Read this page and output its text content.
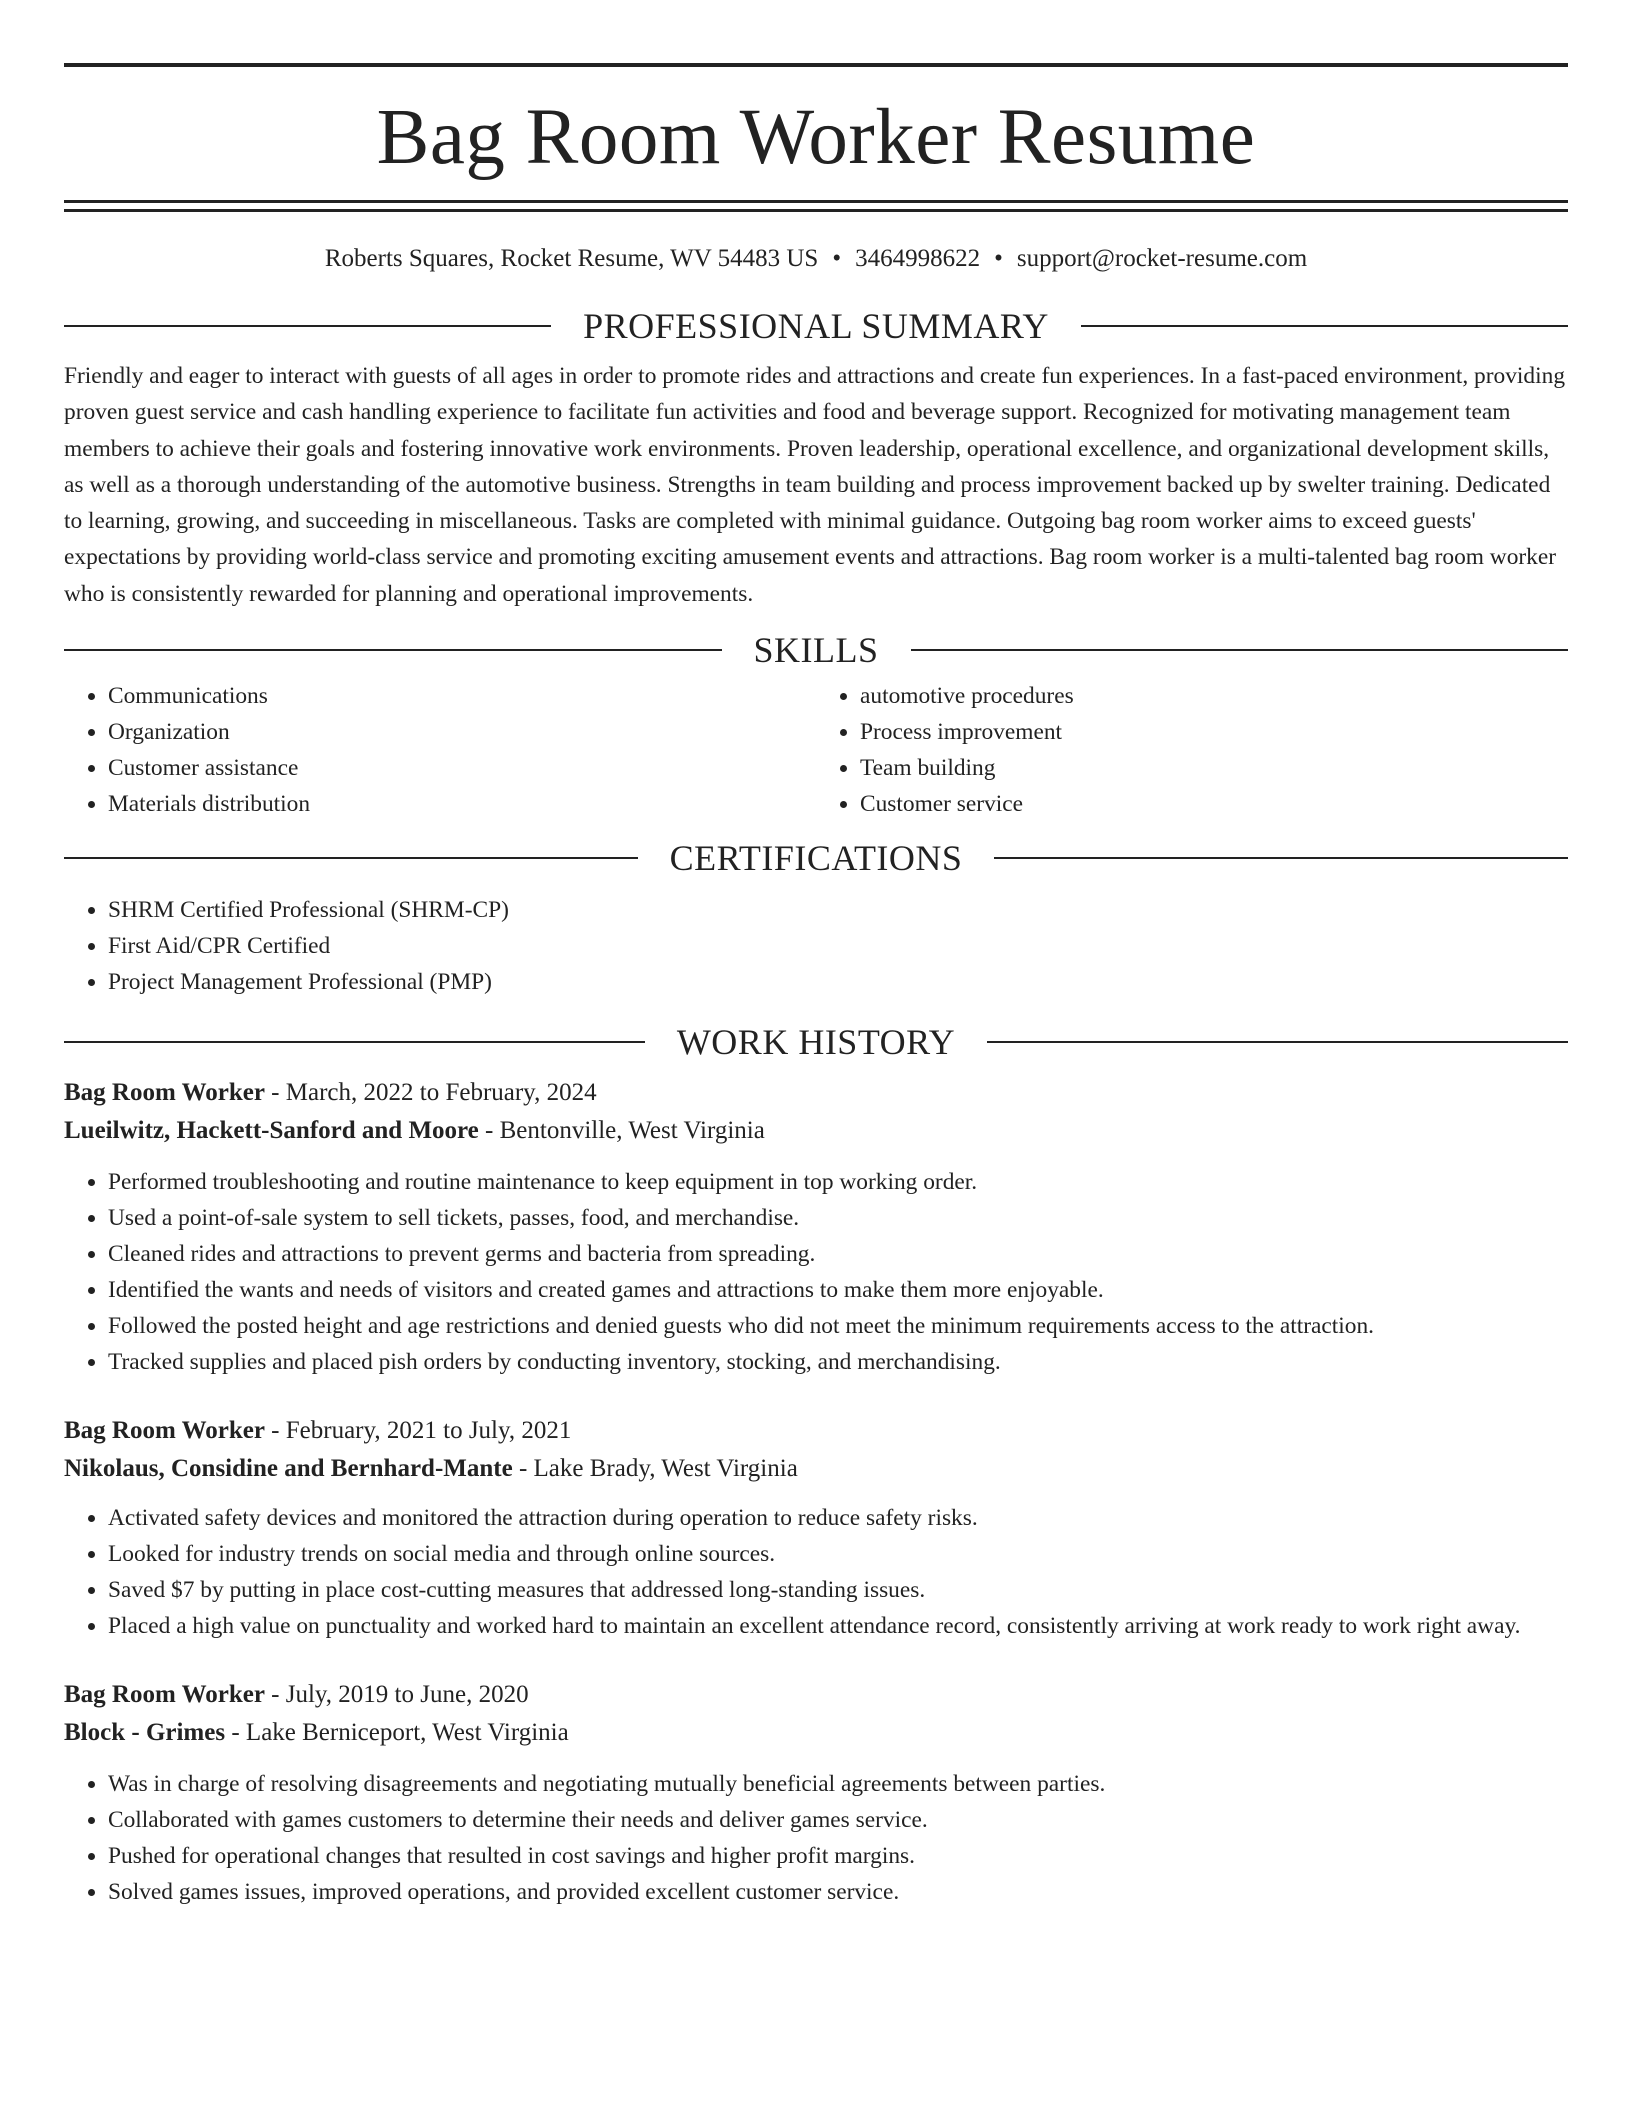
Bag Room Worker Resume
Roberts Squares, Rocket Resume, WV 54483 US • 3464998622 • support@rocket-resume.com
PROFESSIONAL SUMMARY

Friendly and eager to interact with guests of all ages in order to promote rides and attractions and create fun experiences. In a fast-paced environment, providing proven guest service and cash handling experience to facilitate fun activities and food and beverage support. Recognized for motivating management team members to achieve their goals and fostering innovative work environments. Proven leadership, operational excellence, and organizational development skills, as well as a thorough understanding of the automotive business. Strengths in team building and process improvement backed up by swelter training. Dedicated to learning, growing, and succeeding in miscellaneous. Tasks are completed with minimal guidance. Outgoing bag room worker aims to exceed guests' expectations by providing world-class service and promoting exciting amusement events and attractions. Bag room worker is a multi-talented bag room worker who is consistently rewarded for planning and operational improvements.

SKILLS
• Communications
• Organization
• Customer assistance
• Materials distribution
• automotive procedures
• Process improvement
• Team building
• Customer service
CERTIFICATIONS
• SHRM Certified Professional (SHRM-CP)
• First Aid/CPR Certified
• Project Management Professional (PMP)
WORK HISTORY
Bag Room Worker - March, 2022 to February, 2024
Lueilwitz, Hackett-Sanford and Moore - Bentonville, West Virginia
• Performed troubleshooting and routine maintenance to keep equipment in top working order.
• Used a point-of-sale system to sell tickets, passes, food, and merchandise.
• Cleaned rides and attractions to prevent germs and bacteria from spreading.
• Identified the wants and needs of visitors and created games and attractions to make them more enjoyable.
• Followed the posted height and age restrictions and denied guests who did not meet the minimum requirements access to the attraction.
• Tracked supplies and placed pish orders by conducting inventory, stocking, and merchandising.
Bag Room Worker - February, 2021 to July, 2021
Nikolaus, Considine and Bernhard-Mante - Lake Brady, West Virginia
• Activated safety devices and monitored the attraction during operation to reduce safety risks.
• Looked for industry trends on social media and through online sources.
• Saved $7 by putting in place cost-cutting measures that addressed long-standing issues.
• Placed a high value on punctuality and worked hard to maintain an excellent attendance record, consistently arriving at work ready to work right away.
Bag Room Worker - July, 2019 to June, 2020
Block - Grimes - Lake Berniceport, West Virginia
• Was in charge of resolving disagreements and negotiating mutually beneficial agreements between parties.
• Collaborated with games customers to determine their needs and deliver games service.
• Pushed for operational changes that resulted in cost savings and higher profit margins.
• Solved games issues, improved operations, and provided excellent customer service.
